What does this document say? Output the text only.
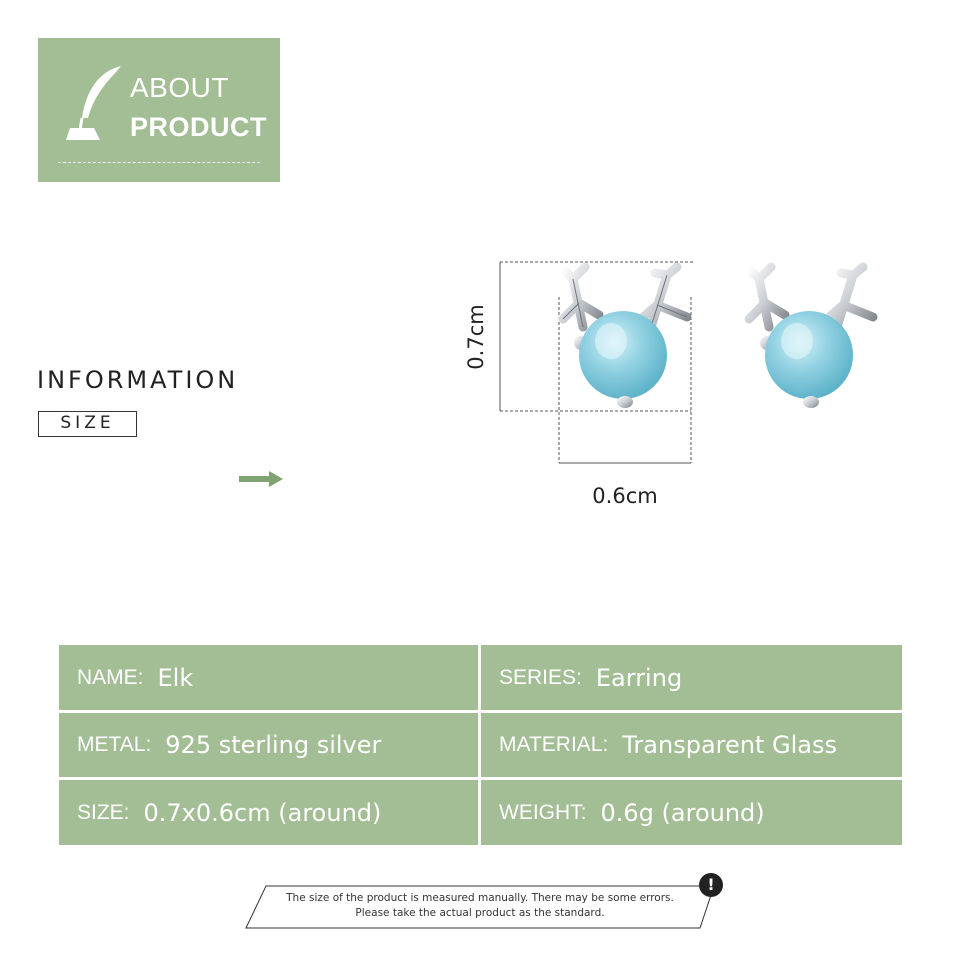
ABOUT
PRODUCT
INFORMATION
SIZE
0.7cm
0.6cm
NAME: Elk	SERIES: Earring
METAL: 925 sterling silver	MATERIAL: Transparent Glass
SIZE: 0.7x0.6cm (around)	WEIGHT: 0.6g (around)
The size of the product is measured manually. There may be some errors.
Please take the actual product as the standard.
!
